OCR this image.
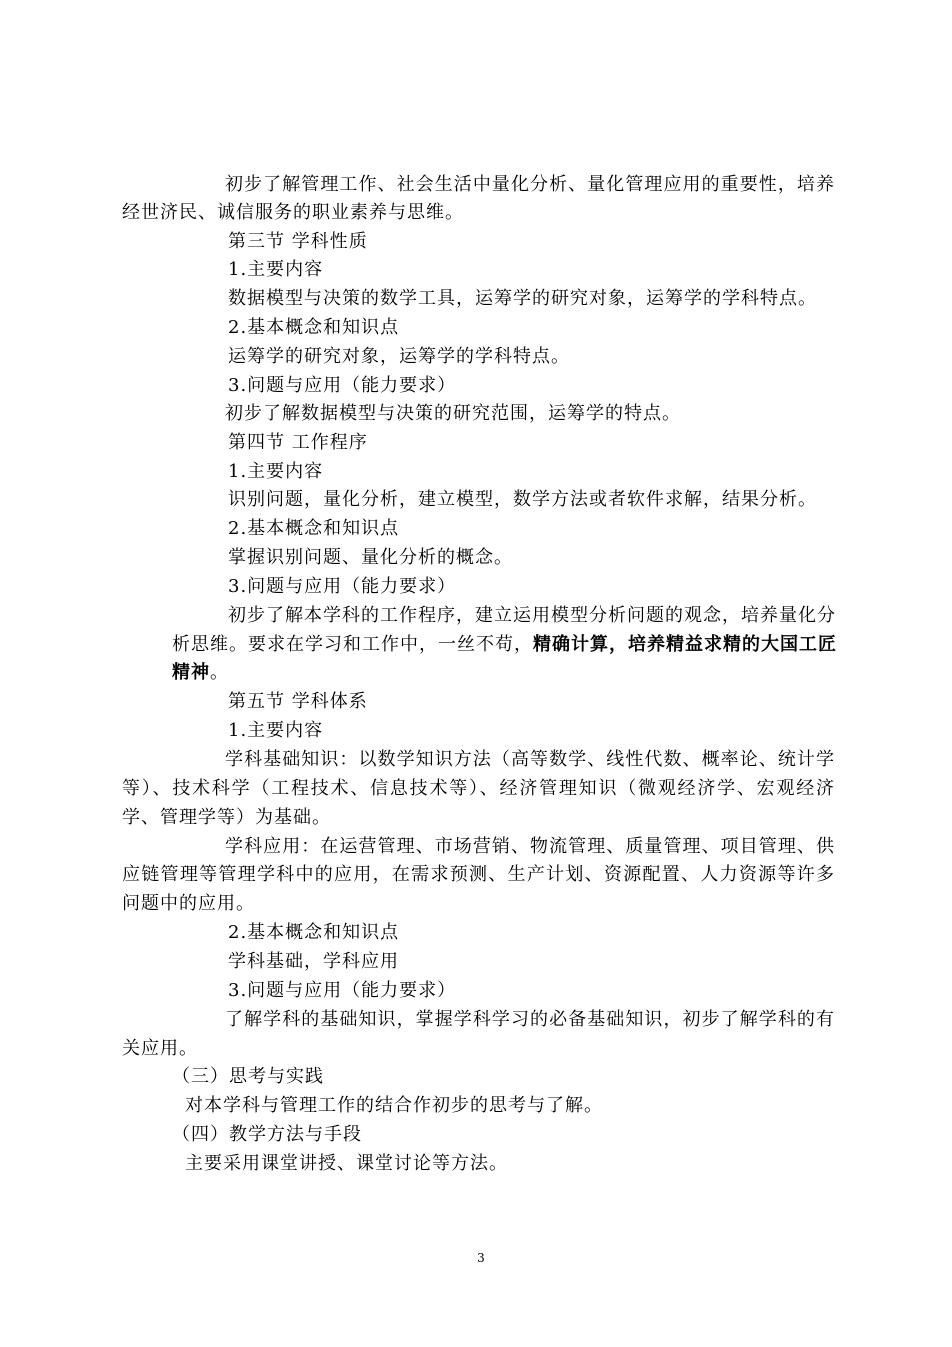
初步了解管理工作、社会生活中量化分析、量化管理应用的重要性，培养
经世济民、诚信服务的职业素养与思维。
第三节 学科性质
1.主要内容
数据模型与决策的数学工具，运筹学的研究对象，运筹学的学科特点。
2.基本概念和知识点
运筹学的研究对象，运筹学的学科特点。
3.问题与应用（能力要求）
初步了解数据模型与决策的研究范围，运筹学的特点。
第四节 工作程序
1.主要内容
识别问题，量化分析，建立模型，数学方法或者软件求解，结果分析。
2.基本概念和知识点
掌握识别问题、量化分析的概念。
3.问题与应用（能力要求）
初步了解本学科的工作程序，建立运用模型分析问题的观念，培养量化分
析思维。要求在学习和工作中，一丝不苟，精确计算，培养精益求精的大国工匠
精神。
第五节 学科体系
1.主要内容
学科基础知识：以数学知识方法（高等数学、线性代数、概率论、统计学
等）、技术科学（工程技术、信息技术等）、经济管理知识（微观经济学、宏观经济
学、管理学等）为基础。
学科应用：在运营管理、市场营销、物流管理、质量管理、项目管理、供
应链管理等管理学科中的应用，在需求预测、生产计划、资源配置、人力资源等许多
问题中的应用。
2.基本概念和知识点
学科基础，学科应用
3.问题与应用（能力要求）
了解学科的基础知识，掌握学科学习的必备基础知识，初步了解学科的有
关应用。
（三）思考与实践
对本学科与管理工作的结合作初步的思考与了解。
（四）教学方法与手段
主要采用课堂讲授、课堂讨论等方法。
3
